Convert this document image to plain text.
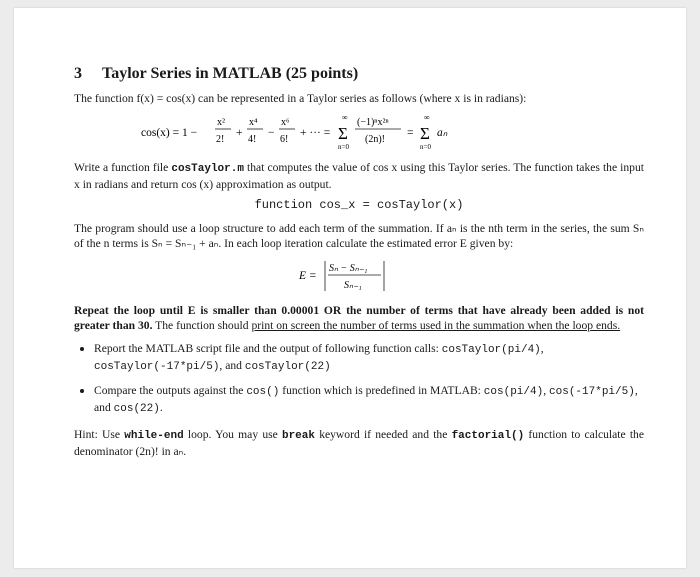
3 Taylor Series in MATLAB (25 points)

The function f(x) = cos(x) can be represented in a Taylor series as follows (where x is in radians):

cos(x) = 1 −
x²
2!
+
x⁴
4!
−
x⁶
6!
+ ··· =
∞
Σ
n=0
(−1)ⁿx²ⁿ
(2n)!
=
∞
Σ
n=0
aₙ

Write a function file cosTaylor.m that computes the value of cos x using this Taylor series. The function takes the input x in radians and return cos (x) approximation as output.

function cos_x = cosTaylor(x)

The program should use a loop structure to add each term of the summation. If aₙ is the nth term in the series, the sum Sₙ of the n terms is Sₙ = Sₙ₋₁ + aₙ. In each loop iteration calculate the estimated error E given by:

E =
Sₙ − Sₙ₋₁
Sₙ₋₁

Repeat the loop until E is smaller than 0.00001 OR the number of terms that have already been added is not greater than 30. The function should print on screen the number of terms used in the summation when the loop ends.

• Report the MATLAB script file and the output of following function calls: cosTaylor(pi/4), cosTaylor(-17*pi/5), and cosTaylor(22)
• Compare the outputs against the cos() function which is predefined in MATLAB: cos(pi/4), cos(-17*pi/5), and cos(22).

Hint: Use while-end loop. You may use break keyword if needed and the factorial() function to calculate the denominator (2n)! in aₙ.
